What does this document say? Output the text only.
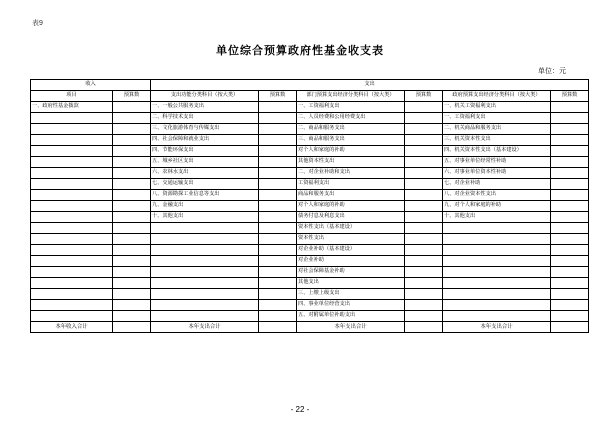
表9
单位综合预算政府性基金收支表
单位：元
收入		支出					
项目	预算数	支出功能分类科目（按大类）	预算数	部门预算支出经济分类科目（按大类）	预算数	政府预算支出经济分类科目（按大类）	预算数
一、政府性基金拨款		一、一般公共服务支出		一、工资福利支出		一、机关工资福利支出	
		二、科学技术支出		二、人员经费和公用经费支出		一、工资福利支出	
		三、文化旅游体育与传媒支出		二、商品和服务支出		二、机关商品和服务支出	
		四、社会保障和就业支出		三、商品和服务支出		三、机关资本性支出	
		四、节能环保支出		对个人和家庭的补助		四、机关资本性支出（基本建设）	
		五、城乡社区支出		其他资本性支出		五、对事业单位经常性补助	
		六、农林水支出		二、对企业补助和支出		六、对事业单位资本性补助	
		七、交通运输支出		工资福利支出		七、对企业补助	
		八、资源勘探工业信息等支出		商品和服务支出		八、对企业资本性支出	
		九、金融支出		对个人和家庭的补助		九、对个人和家庭的补助	
		十、其他支出		债务付息及利息支出		十、其他支出	
				资本性支出（基本建设）			
				资本性支出			
				对企业补助（基本建设）			
				对企业补助			
				对社会保障基金补助			
				其他支出			
				三、上缴上级支出			
				四、事业单位经营支出			
				五、对附属单位补助支出			
本年收入合计		本年支出合计		本年支出合计		本年支出合计	
- 22 -
